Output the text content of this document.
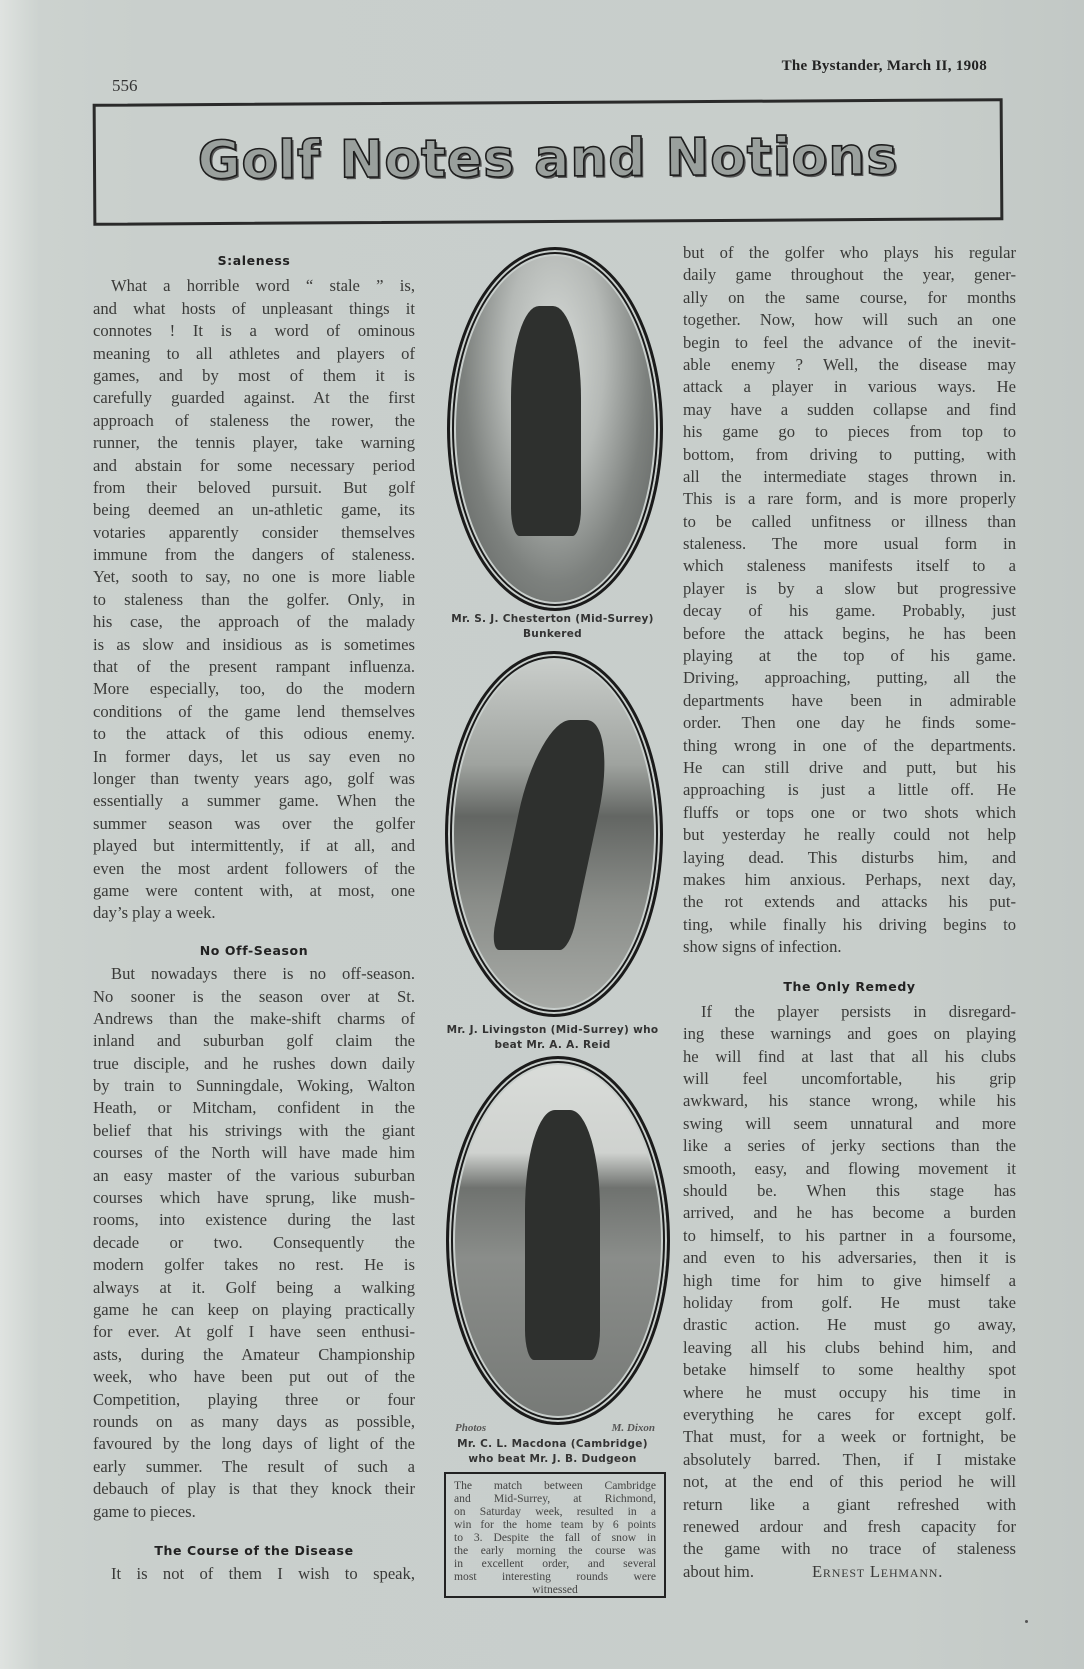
556
The Bystander, March II, 1908
Golf Notes and Notions
S:aleness
What a horrible word “ stale ” is,
and what hosts of unpleasant things it
connotes ! It is a word of ominous
meaning to all athletes and players of
games, and by most of them it is
carefully guarded against. At the first
approach of staleness the rower, the
runner, the tennis player, take warning
and abstain for some necessary period
from their beloved pursuit. But golf
being deemed an un-athletic game, its
votaries apparently consider themselves
immune from the dangers of staleness.
Yet, sooth to say, no one is more liable
to staleness than the golfer. Only, in
his case, the approach of the malady
is as slow and insidious as is sometimes
that of the present rampant influenza.
More especially, too, do the modern
conditions of the game lend themselves
to the attack of this odious enemy.
In former days, let us say even no
longer than twenty years ago, golf was
essentially a summer game. When the
summer season was over the golfer
played but intermittently, if at all, and
even the most ardent followers of the
game were content with, at most, one
day’s play a week.
No Off-Season
But nowadays there is no off-season.
No sooner is the season over at St.
Andrews than the make-shift charms of
inland and suburban golf claim the
true disciple, and he rushes down daily
by train to Sunningdale, Woking, Walton
Heath, or Mitcham, confident in the
belief that his strivings with the giant
courses of the North will have made him
an easy master of the various suburban
courses which have sprung, like mush-
rooms, into existence during the last
decade or two. Consequently the
modern golfer takes no rest. He is
always at it. Golf being a walking
game he can keep on playing practically
for ever. At golf I have seen enthusi-
asts, during the Amateur Championship
week, who have been put out of the
Competition, playing three or four
rounds on as many days as possible,
favoured by the long days of light of the
early summer. The result of such a
debauch of play is that they knock their
game to pieces.
The Course of the Disease
It is not of them I wish to speak,
Mr. S. J. Chesterton (Mid-Surrey)
Bunkered
Mr. J. Livingston (Mid-Surrey) who
beat Mr. A. A. Reid
Photos	M. Dixon
Mr. C. L. Macdona (Cambridge)
who beat Mr. J. B. Dudgeon
The match between Cambridge
and Mid-Surrey, at Richmond,
on Saturday week, resulted in a
win for the home team by 6 points
to 3. Despite the fall of snow in
the early morning the course was
in excellent order, and several
most interesting rounds were
witnessed
but of the golfer who plays his regular
daily game throughout the year, gener-
ally on the same course, for months
together. Now, how will such an one
begin to feel the advance of the inevit-
able enemy ? Well, the disease may
attack a player in various ways. He
may have a sudden collapse and find
his game go to pieces from top to
bottom, from driving to putting, with
all the intermediate stages thrown in.
This is a rare form, and is more properly
to be called unfitness or illness than
staleness. The more usual form in
which staleness manifests itself to a
player is by a slow but progressive
decay of his game. Probably, just
before the attack begins, he has been
playing at the top of his game.
Driving, approaching, putting, all the
departments have been in admirable
order. Then one day he finds some-
thing wrong in one of the departments.
He can still drive and putt, but his
approaching is just a little off. He
fluffs or tops one or two shots which
but yesterday he really could not help
laying dead. This disturbs him, and
makes him anxious. Perhaps, next day,
the rot extends and attacks his put-
ting, while finally his driving begins to
show signs of infection.
The Only Remedy
If the player persists in disregard-
ing these warnings and goes on playing
he will find at last that all his clubs
will feel uncomfortable, his grip
awkward, his stance wrong, while his
swing will seem unnatural and more
like a series of jerky sections than the
smooth, easy, and flowing movement it
should be. When this stage has
arrived, and he has become a burden
to himself, to his partner in a foursome,
and even to his adversaries, then it is
high time for him to give himself a
holiday from golf. He must take
drastic action. He must go away,
leaving all his clubs behind him, and
betake himself to some healthy spot
where he must occupy his time in
everything he cares for except golf.
That must, for a week or fortnight, be
absolutely barred. Then, if I mistake
not, at the end of this period he will
return like a giant refreshed with
renewed ardour and fresh capacity for
the game with no trace of staleness
about him.	Ernest Lehmann.
